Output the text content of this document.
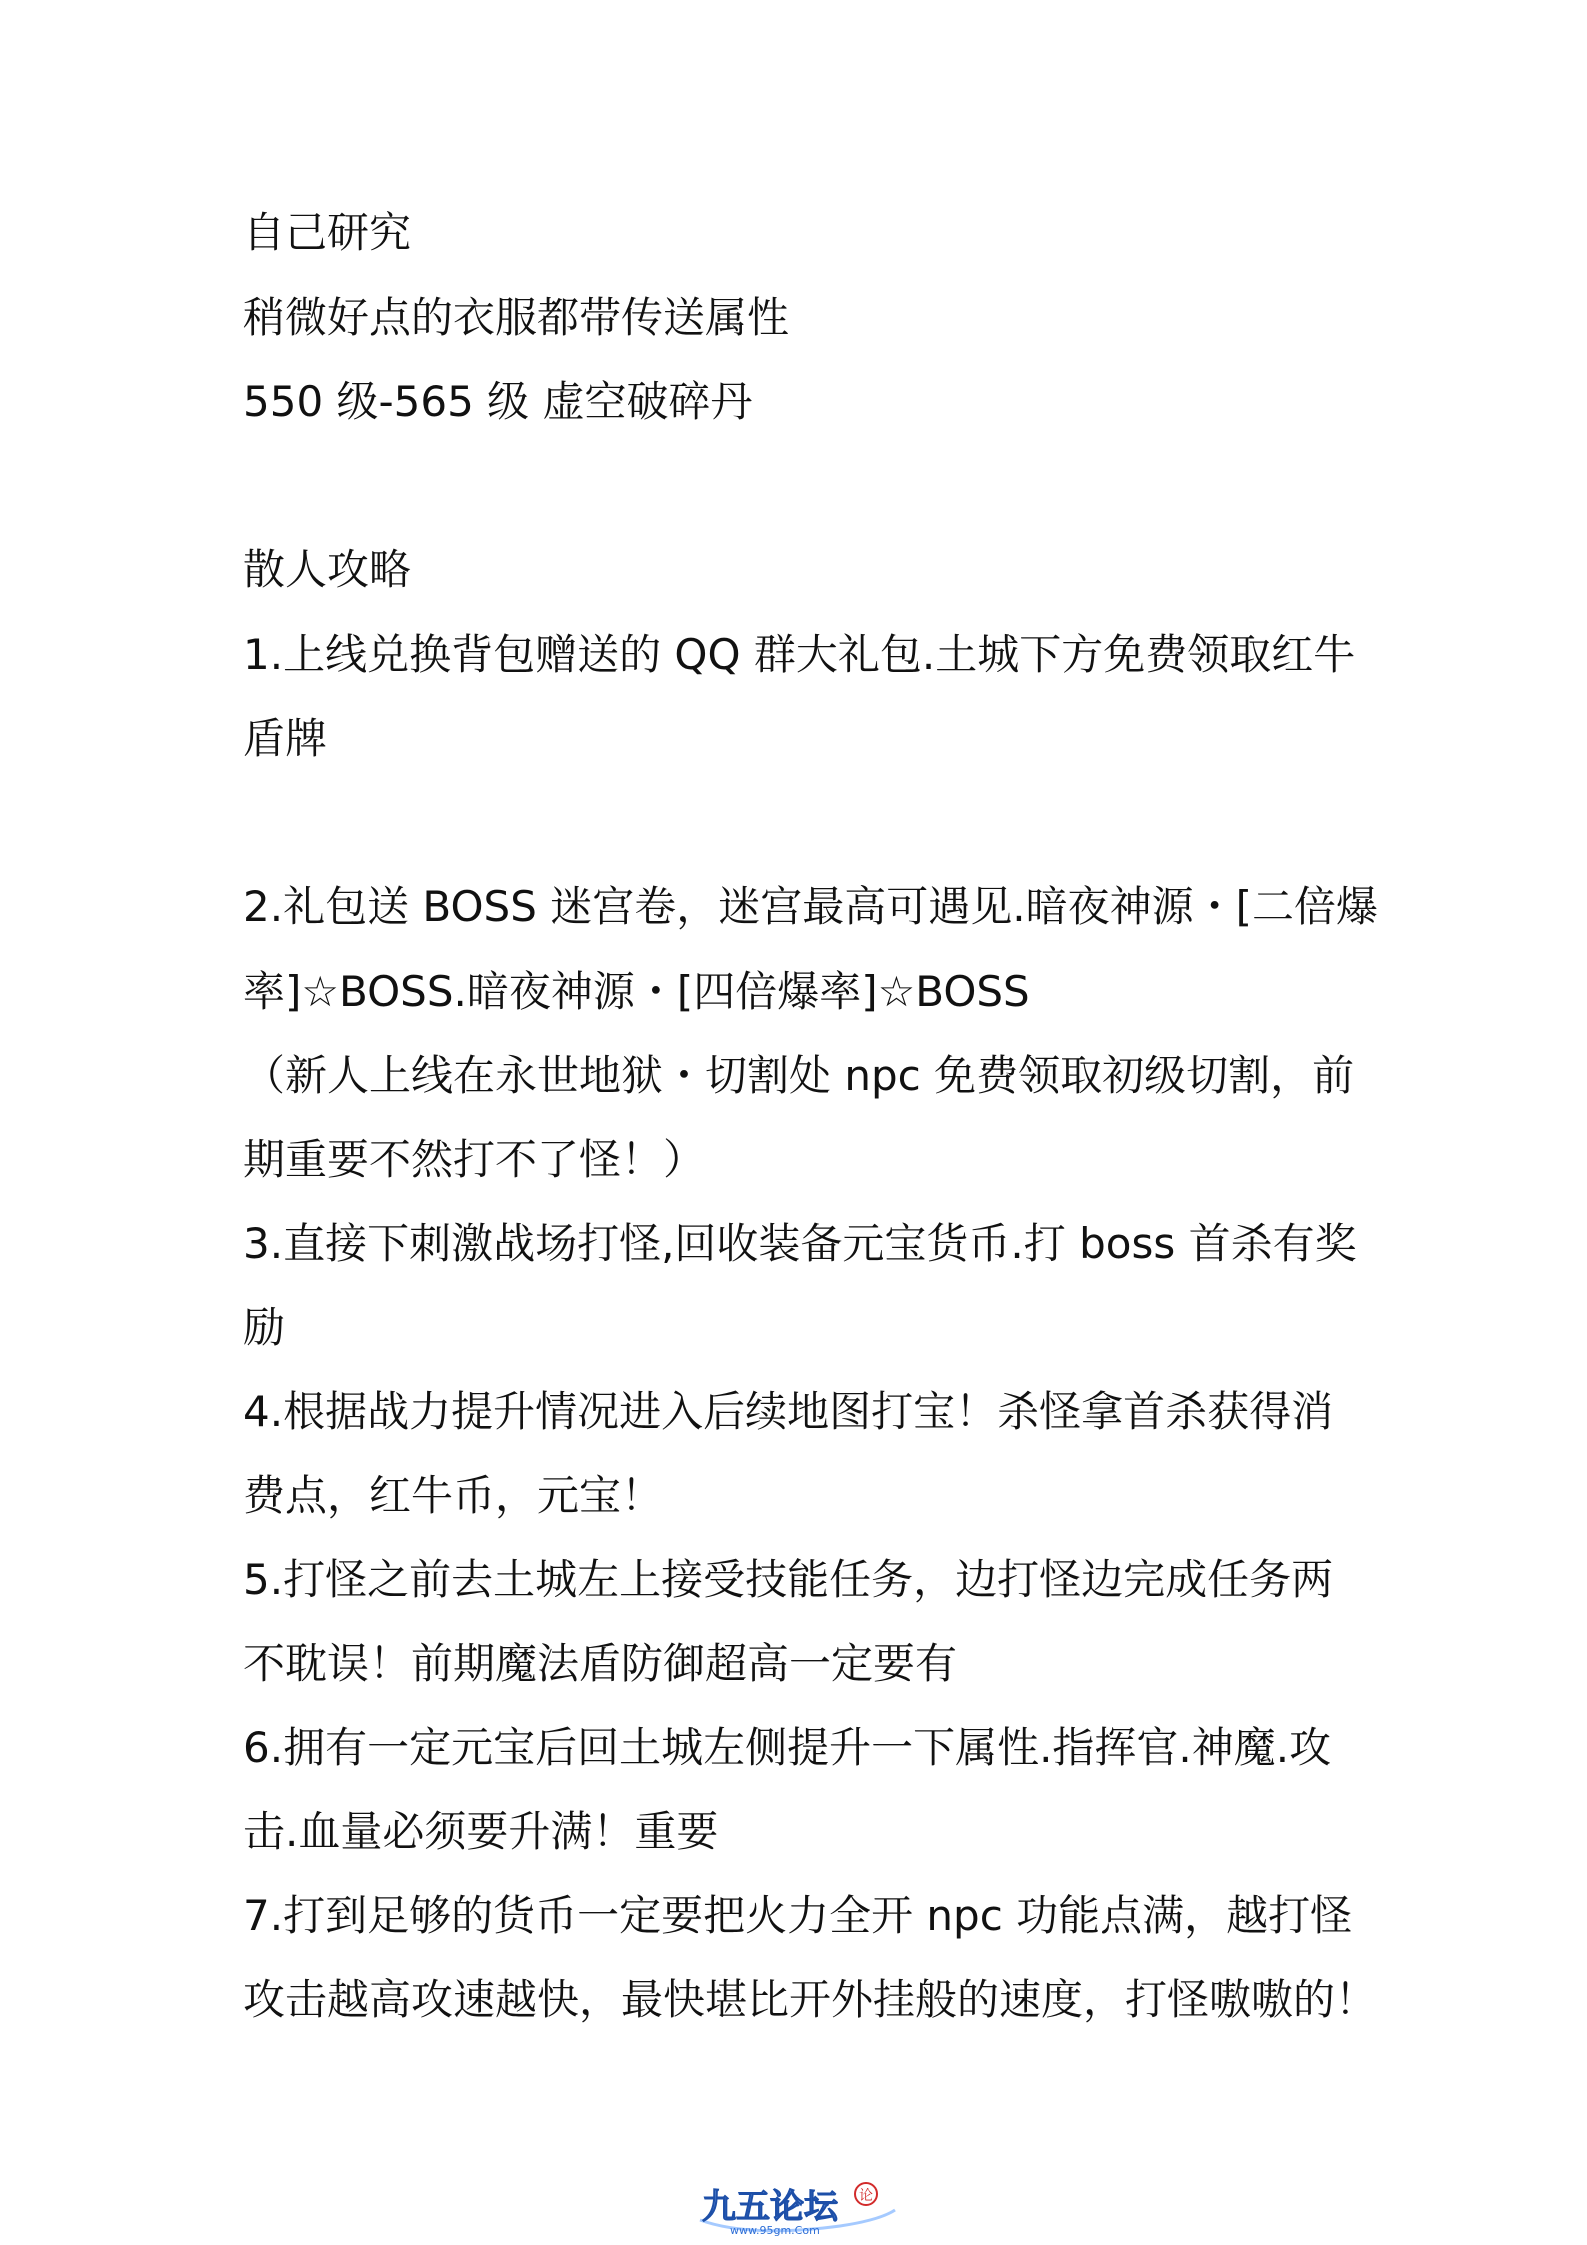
自己研究
稍微好点的衣服都带传送属性
550 级-565 级 虚空破碎丹
散人攻略
1.上线兑换背包赠送的 QQ 群大礼包.土城下方免费领取红牛
盾牌
2.礼包送 BOSS 迷宫卷，迷宫最高可遇见.暗夜神源・[二倍爆
率]☆BOSS.暗夜神源・[四倍爆率]☆BOSS
（新人上线在永世地狱・切割处 npc 免费领取初级切割，前
期重要不然打不了怪！）
3.直接下刺激战场打怪,回收装备元宝货币.打 boss 首杀有奖
励
4.根据战力提升情况进入后续地图打宝！杀怪拿首杀获得消
费点，红牛币，元宝！
5.打怪之前去土城左上接受技能任务，边打怪边完成任务两
不耽误！前期魔法盾防御超高一定要有
6.拥有一定元宝后回土城左侧提升一下属性.指挥官.神魔.攻
击.血量必须要升满！重要
7.打到足够的货币一定要把火力全开 npc 功能点满，越打怪
攻击越高攻速越快，最快堪比开外挂般的速度，打怪嗷嗷的！
九五论坛
www.95gm.Com
论
